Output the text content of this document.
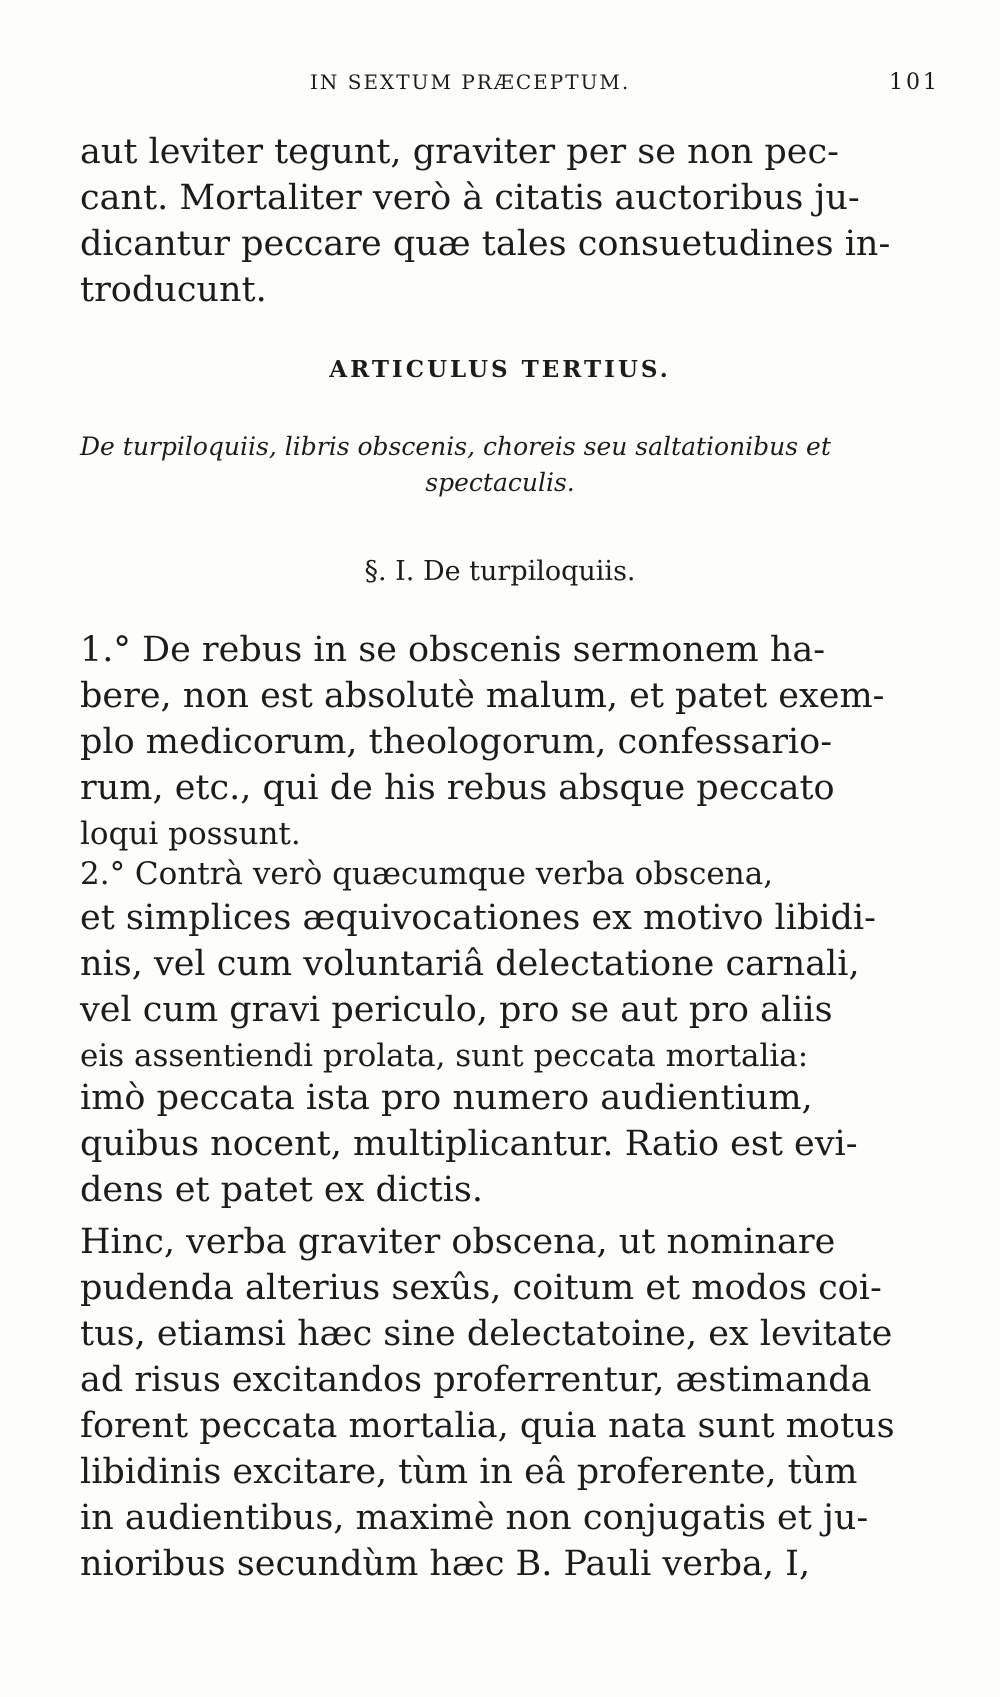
IN SEXTUM PRÆCEPTUM.	101
aut leviter tegunt, graviter per se non pec-
cant. Mortaliter verò à citatis auctoribus ju-
dicantur peccare quæ tales consuetudines in-
troducunt.
ARTICULUS TERTIUS.
De turpiloquiis, libris obscenis, choreis seu saltationibus et
spectaculis.
§. I. De turpiloquiis.
1.° De rebus in se obscenis sermonem ha-
bere, non est absolutè malum, et patet exem-
plo medicorum, theologorum, confessario-
rum, etc., qui de his rebus absque peccato
loqui possunt.
2.° Contrà verò quæcumque verba obscena,
et simplices æquivocationes ex motivo libidi-
nis, vel cum voluntariâ delectatione carnali,
vel cum gravi periculo, pro se aut pro aliis
eis assentiendi prolata, sunt peccata mortalia:
imò peccata ista pro numero audientium,
quibus nocent, multiplicantur. Ratio est evi-
dens et patet ex dictis.
Hinc, verba graviter obscena, ut nominare
pudenda alterius sexûs, coitum et modos coi-
tus, etiamsi hæc sine delectatoine, ex levitate
ad risus excitandos proferrentur, æstimanda
forent peccata mortalia, quia nata sunt motus
libidinis excitare, tùm in eâ proferente, tùm
in audientibus, maximè non conjugatis et ju-
nioribus secundùm hæc B. Pauli verba, I,
